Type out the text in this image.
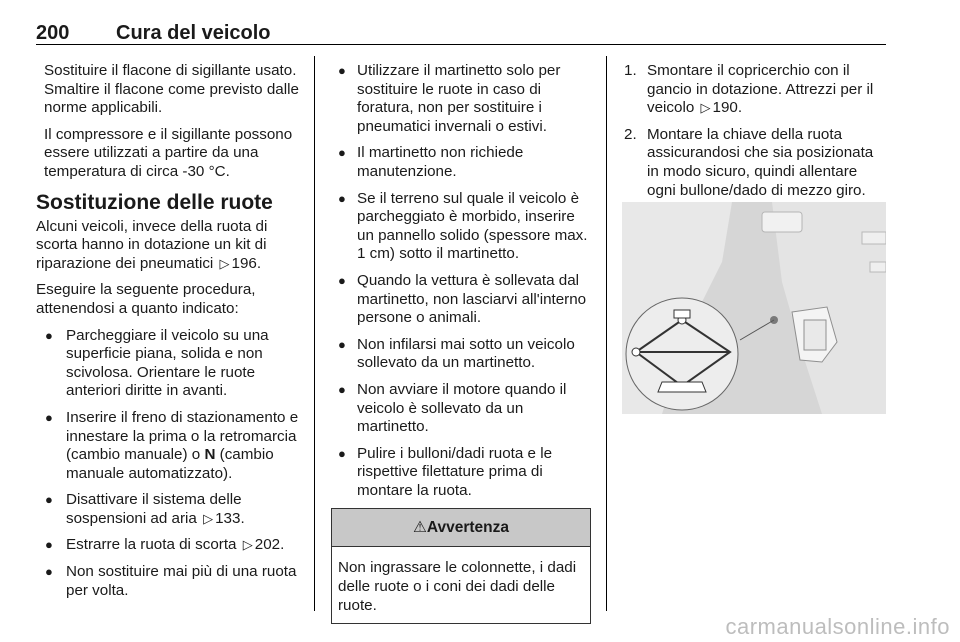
200 Cura del veicolo

Sostituire il flacone di sigillante usato. Smaltire il flacone come previsto dalle norme applicabili.

Il compressore e il sigillante possono essere utilizzati a partire da una temperatura di circa -30 °C.

Sostituzione delle ruote

Alcuni veicoli, invece della ruota di scorta hanno in dotazione un kit di riparazione dei pneumatici ▷ 196.

Eseguire la seguente procedura, attenendosi a quanto indicato:

● Parcheggiare il veicolo su una superficie piana, solida e non scivolosa. Orientare le ruote anteriori diritte in avanti.
● Inserire il freno di stazionamento e innestare la prima o la retromarcia (cambio manuale) o N (cambio manuale automatizzato).
● Disattivare il sistema delle sospensioni ad aria ▷ 133.
● Estrarre la ruota di scorta ▷ 202.
● Non sostituire mai più di una ruota per volta.
● Utilizzare il martinetto solo per sostituire le ruote in caso di foratura, non per sostituire i pneumatici invernali o estivi.
● Il martinetto non richiede manutenzione.
● Se il terreno sul quale il veicolo è parcheggiato è morbido, inserire un pannello solido (spessore max. 1 cm) sotto il martinetto.
● Quando la vettura è sollevata dal martinetto, non lasciarvi all'interno persone o animali.
● Non infilarsi mai sotto un veicolo sollevato da un martinetto.
● Non avviare il motore quando il veicolo è sollevato da un martinetto.
● Pulire i bulloni/dadi ruota e le rispettive filettature prima di montare la ruota.
⚠Avvertenza
Non ingrassare le colonnette, i dadi delle ruote o i coni dei dadi delle ruote.
1. Smontare il copricerchio con il gancio in dotazione. Attrezzi per il veicolo ▷ 190.
2. Montare la chiave della ruota assicurandosi che sia posizionata in modo sicuro, quindi allentare ogni bullone/dado di mezzo giro.
carmanualsonline.info
